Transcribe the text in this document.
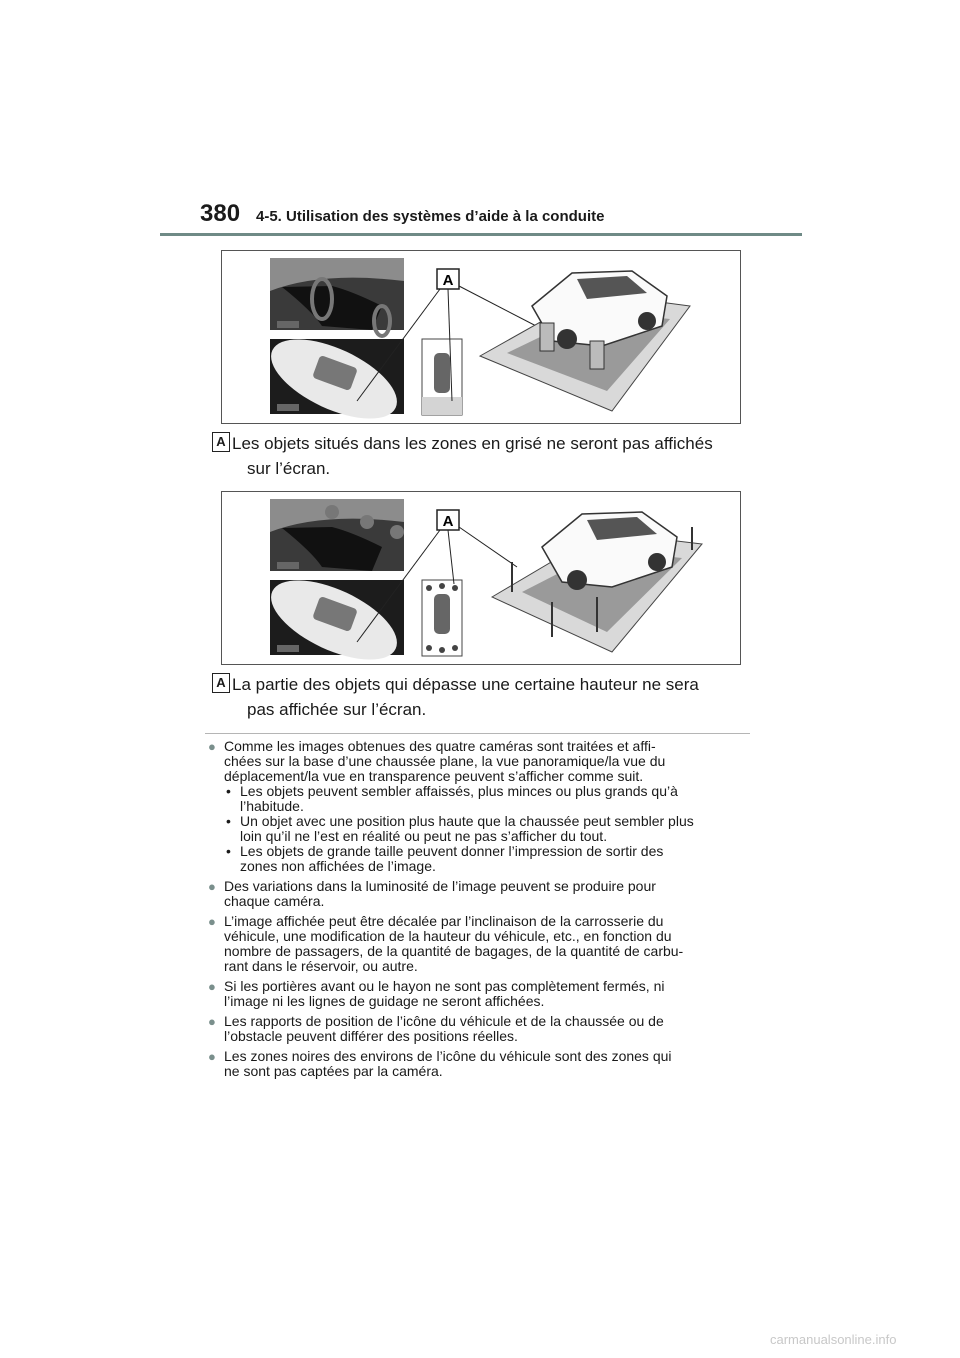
380 4-5. Utilisation des systèmes d’aide à la conduite
A
A Les objets situés dans les zones en grisé ne seront pas affichés

sur l’écran.

A
A La partie des objets qui dépasse une certaine hauteur ne sera

pas affichée sur l’écran.

● Comme les images obtenues des quatre caméras sont traitées et affi-

chées sur la base d’une chaussée plane, la vue panoramique/la vue du

déplacement/la vue en transparence peuvent s’afficher comme suit.

• Les objets peuvent sembler affaissés, plus minces ou plus grands qu’à

l’habitude.

• Un objet avec une position plus haute que la chaussée peut sembler plus

loin qu’il ne l’est en réalité ou peut ne pas s’afficher du tout.

• Les objets de grande taille peuvent donner l’impression de sortir des

zones non affichées de l’image.

● Des variations dans la luminosité de l’image peuvent se produire pour

chaque caméra.

● L’image affichée peut être décalée par l’inclinaison de la carrosserie du

véhicule, une modification de la hauteur du véhicule, etc., en fonction du

nombre de passagers, de la quantité de bagages, de la quantité de carbu-

rant dans le réservoir, ou autre.

● Si les portières avant ou le hayon ne sont pas complètement fermés, ni

l’image ni les lignes de guidage ne seront affichées.

● Les rapports de position de l’icône du véhicule et de la chaussée ou de

l’obstacle peuvent différer des positions réelles.

● Les zones noires des environs de l’icône du véhicule sont des zones qui

ne sont pas captées par la caméra.

carmanualsonline.info
